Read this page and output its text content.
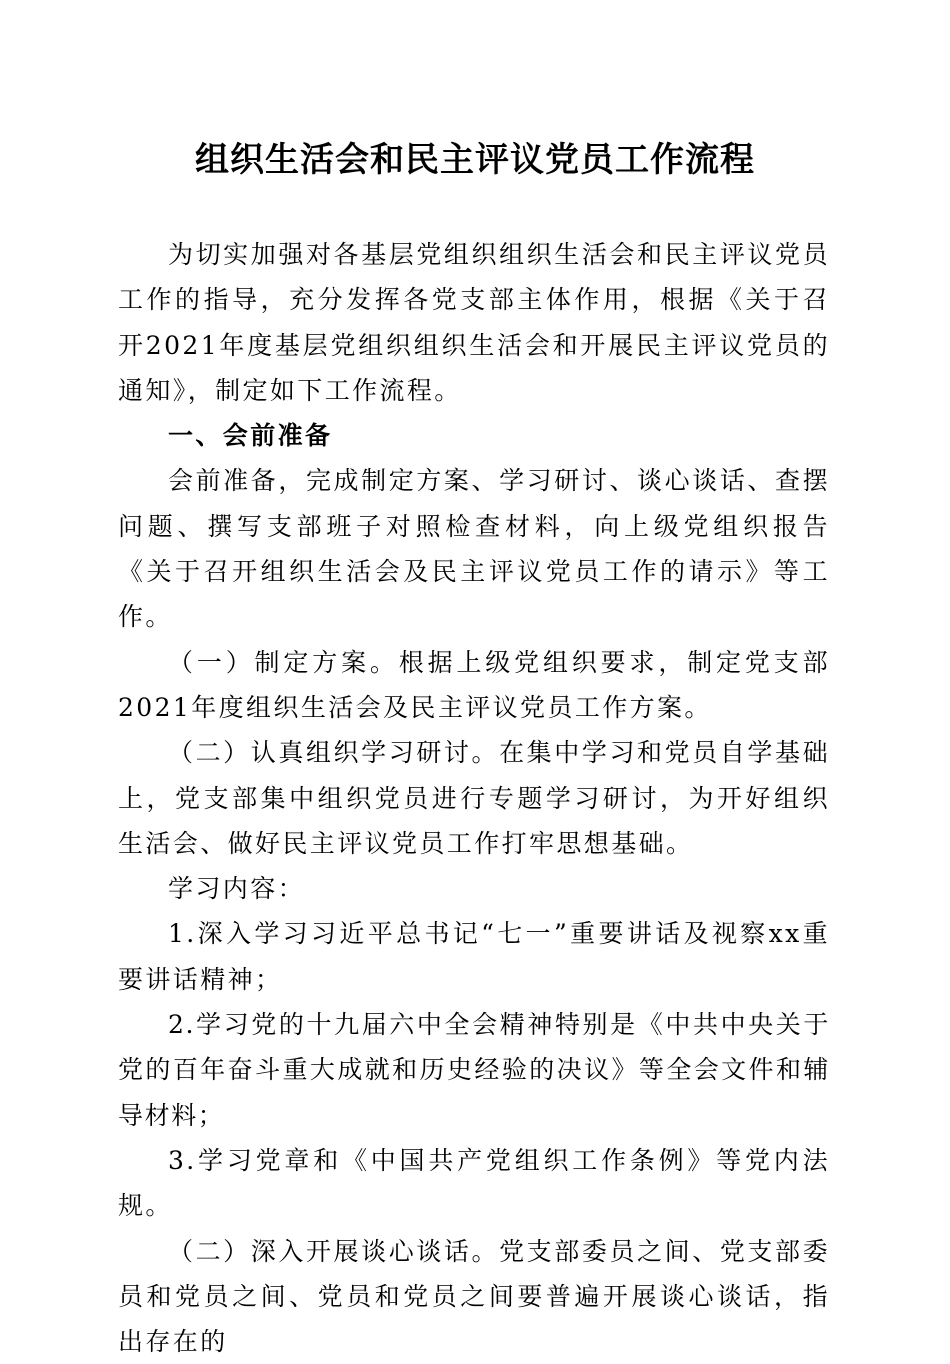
组织生活会和民主评议党员工作流程

为切实加强对各基层党组织组织生活会和民主评议党员工作的指导，充分发挥各党支部主体作用，根据《关于召开2021年度基层党组织组织生活会和开展民主评议党员的通知》，制定如下工作流程。

一、会前准备

会前准备，完成制定方案、学习研讨、谈心谈话、查摆问题、撰写支部班子对照检查材料，向上级党组织报告《关于召开组织生活会及民主评议党员工作的请示》等工作。

（一）制定方案。根据上级党组织要求，制定党支部2021年度组织生活会及民主评议党员工作方案。

（二）认真组织学习研讨。在集中学习和党员自学基础上，党支部集中组织党员进行专题学习研讨，为开好组织生活会、做好民主评议党员工作打牢思想基础。

学习内容：

1.深入学习习近平总书记“七一”重要讲话及视察xx重要讲话精神；

2.学习党的十九届六中全会精神特别是《中共中央关于党的百年奋斗重大成就和历史经验的决议》等全会文件和辅导材料；

3.学习党章和《中国共产党组织工作条例》等党内法规。

（二）深入开展谈心谈话。党支部委员之间、党支部委员和党员之间、党员和党员之间要普遍开展谈心谈话，指出存在的
